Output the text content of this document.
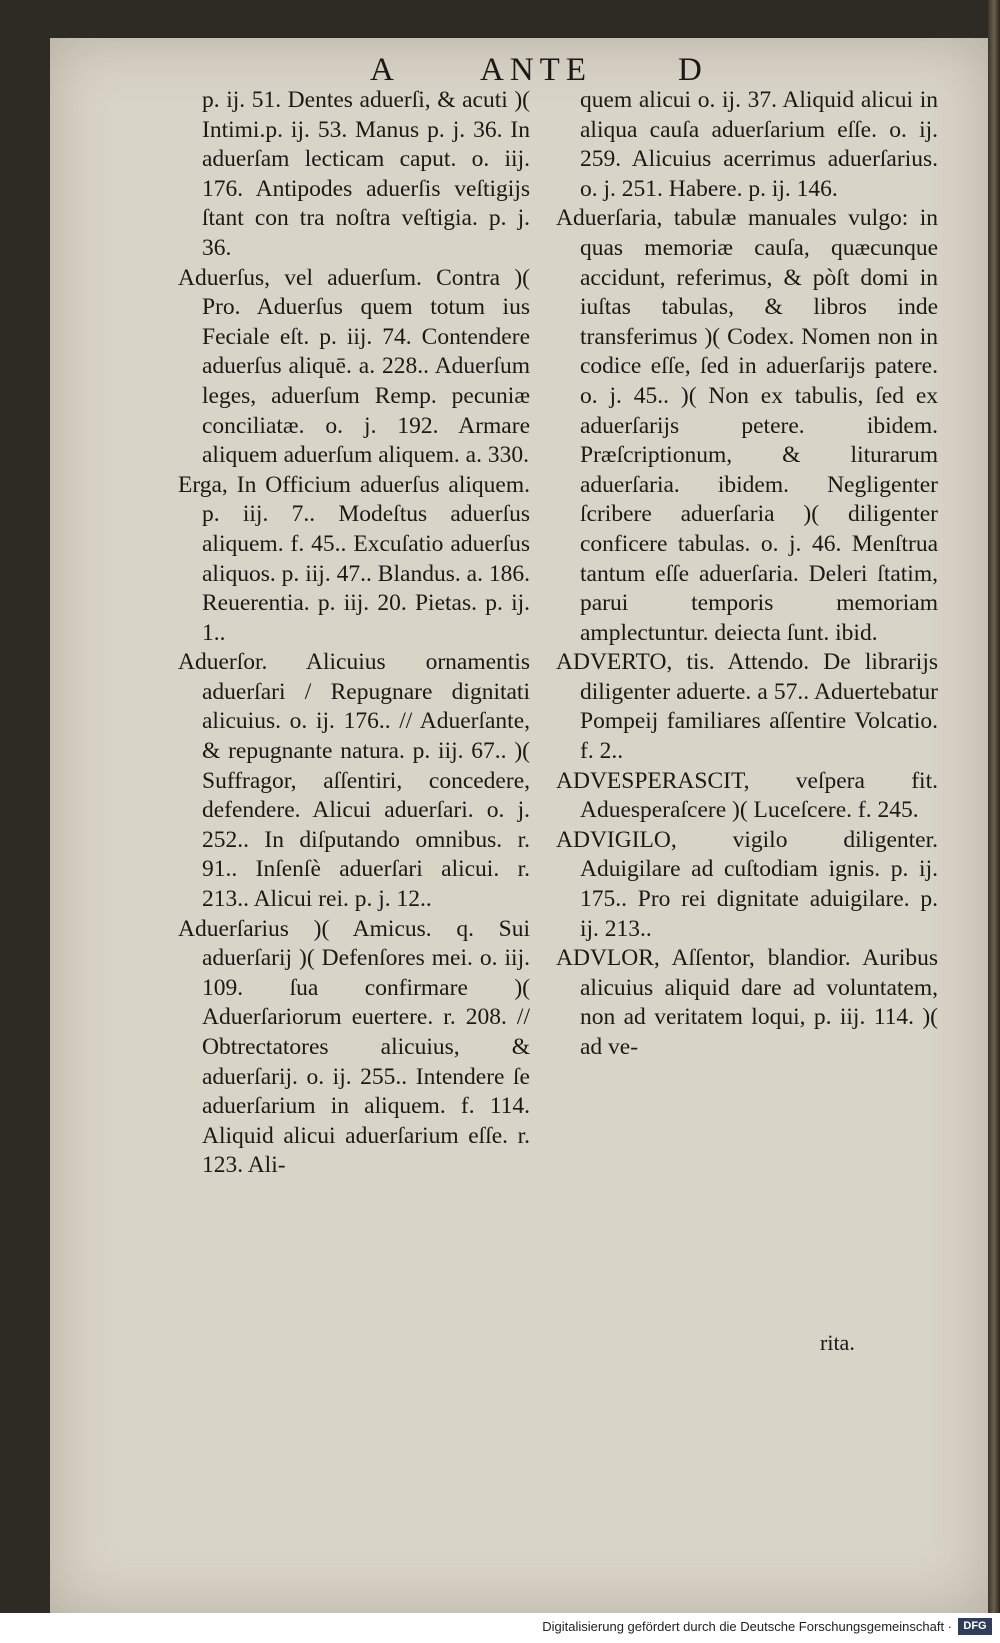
A ANTE	D

p. ij. 51. Dentes aduerſi, & acuti )( Intimi.p. ij. 53. Manus p. j. 36. In aduerſam lecticam caput. o. iij. 176. Antipodes aduerſis veſtigijs ſtant con tra noſtra veſtigia. p. j. 36.

Aduerſus, vel aduerſum. Contra )( Pro. Aduerſus quem totum ius Feciale eſt. p. iij. 74. Contendere aduerſus aliquē. a. 228.. Aduerſum leges, aduerſum Remp. pecuniæ conciliatæ. o. j. 192. Armare aliquem aduerſum aliquem. a. 330.

Erga, In Officium aduerſus aliquem. p. iij. 7.. Modeſtus aduerſus aliquem. f. 45.. Excuſatio aduerſus aliquos. p. iij. 47.. Blandus. a. 186. Reuerentia. p. iij. 20. Pietas. p. ij. 1..

Aduerſor. Alicuius ornamentis aduerſari / Repugnare dignitati alicuius. o. ij. 176.. // Aduerſante, & repugnante natura. p. iij. 67.. )( Suffragor, aſſentiri, concedere, defendere. Alicui aduerſari. o. j. 252.. In diſputando omnibus. r. 91.. Inſenſè aduerſari alicui. r. 213.. Alicui rei. p. j. 12..

Aduerſarius )( Amicus. q. Sui aduerſarij )( Defenſores mei. o. iij. 109. ſua confirmare )( Aduerſariorum euertere. r. 208. // Obtrectatores alicuius, & aduerſarij. o. ij. 255.. Intendere ſe aduerſarium in aliquem. f. 114. Aliquid alicui aduerſarium eſſe. r. 123. Ali-

quem alicui o. ij. 37. Aliquid alicui in aliqua cauſa aduerſarium eſſe. o. ij. 259. Alicuius acerrimus aduerſarius. o. j. 251. Habere. p. ij. 146.

Aduerſaria, tabulæ manuales vulgo: in quas memoriæ cauſa, quæcunque accidunt, referimus, & pòſt domi in iuſtas tabulas, & libros inde transferimus )( Codex. Nomen non in codice eſſe, ſed in aduerſarijs patere. o. j. 45.. )( Non ex tabulis, ſed ex aduerſarijs petere. ibidem. Præſcriptionum, & liturarum aduerſaria. ibidem. Negligenter ſcribere aduerſaria )( diligenter conficere tabulas. o. j. 46. Menſtrua tantum eſſe aduerſaria. Deleri ſtatim, parui temporis memoriam amplectuntur. deiecta ſunt. ibid.

ADVERTO, tis. Attendo. De librarijs diligenter aduerte. a 57.. Aduertebatur Pompeij familiares aſſentire Volcatio. f. 2..

ADVESPERASCIT, veſpera fit. Aduesperaſcere )( Luceſcere. f. 245.

ADVIGILO, vigilo diligenter. Aduigilare ad cuſtodiam ignis. p. ij. 175.. Pro rei dignitate aduigilare. p. ij. 213..

ADVLOR, Aſſentor, blandior. Auribus alicuius aliquid dare ad voluntatem, non ad veritatem loqui, p. iij. 114. )( ad ve-

rita.
Digitalisierung gefördert durch die Deutsche Forschungsgemeinschaft ·	DFG
